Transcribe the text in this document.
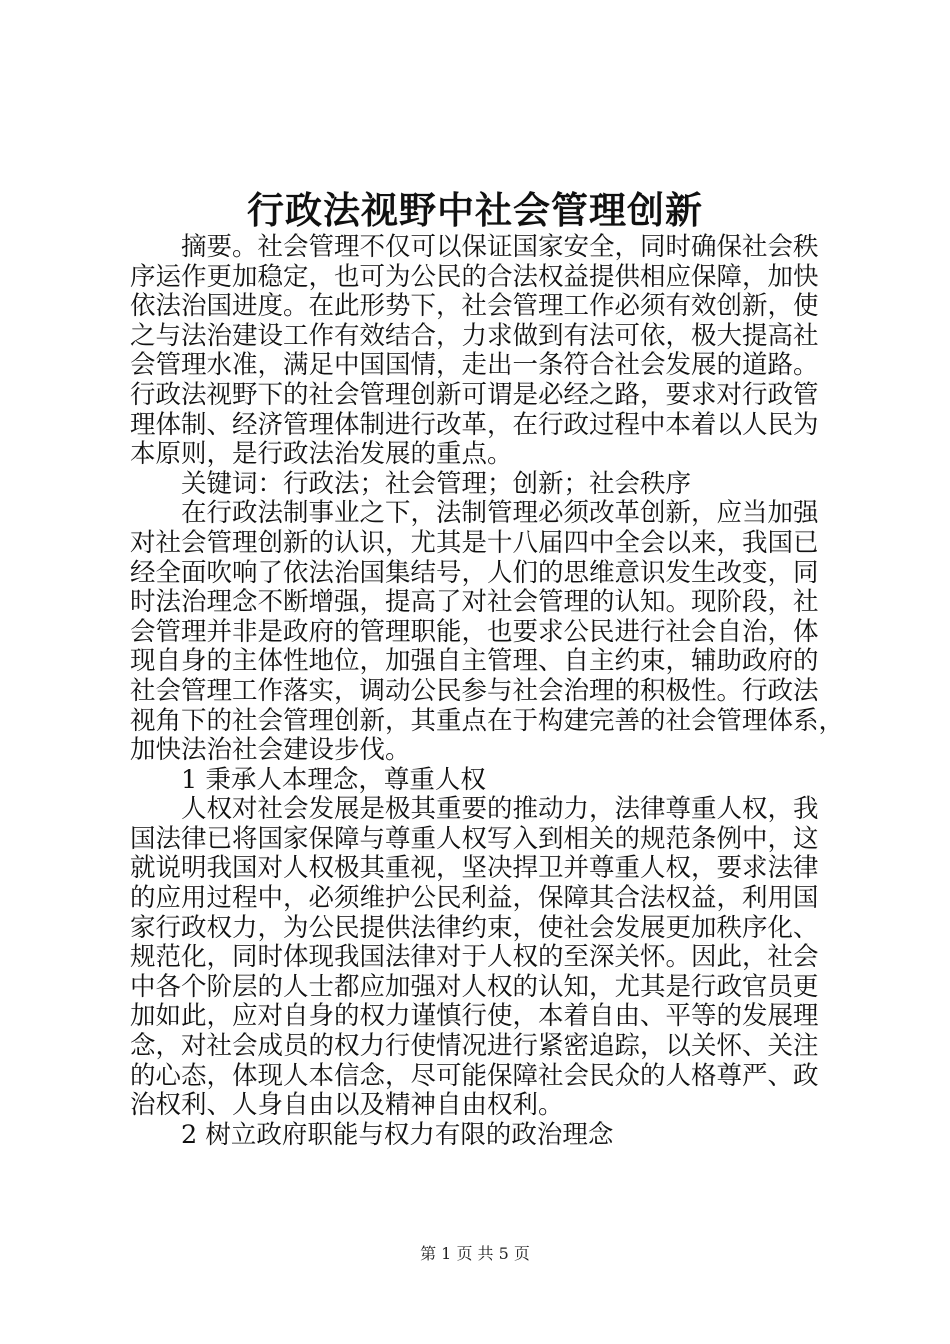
行政法视野中社会管理创新
摘要。社会管理不仅可以保证国家安全，同时确保社会秩
序运作更加稳定，也可为公民的合法权益提供相应保障，加快
依法治国进度。在此形势下，社会管理工作必须有效创新，使
之与法治建设工作有效结合，力求做到有法可依，极大提高社
会管理水准，满足中国国情，走出一条符合社会发展的道路。
行政法视野下的社会管理创新可谓是必经之路，要求对行政管
理体制、经济管理体制进行改革，在行政过程中本着以人民为
本原则，是行政法治发展的重点。
关键词：行政法；社会管理；创新；社会秩序
在行政法制事业之下，法制管理必须改革创新，应当加强
对社会管理创新的认识，尤其是十八届四中全会以来，我国已
经全面吹响了依法治国集结号，人们的思维意识发生改变，同
时法治理念不断增强，提高了对社会管理的认知。现阶段，社
会管理并非是政府的管理职能，也要求公民进行社会自治，体
现自身的主体性地位，加强自主管理、自主约束，辅助政府的
社会管理工作落实，调动公民参与社会治理的积极性。行政法
视角下的社会管理创新，其重点在于构建完善的社会管理体系，
加快法治社会建设步伐。
1 秉承人本理念，尊重人权
人权对社会发展是极其重要的推动力，法律尊重人权，我
国法律已将国家保障与尊重人权写入到相关的规范条例中，这
就说明我国对人权极其重视，坚决捍卫并尊重人权，要求法律
的应用过程中，必须维护公民利益，保障其合法权益，利用国
家行政权力，为公民提供法律约束，使社会发展更加秩序化、
规范化，同时体现我国法律对于人权的至深关怀。因此，社会
中各个阶层的人士都应加强对人权的认知，尤其是行政官员更
加如此，应对自身的权力谨慎行使，本着自由、平等的发展理
念，对社会成员的权力行使情况进行紧密追踪，以关怀、关注
的心态，体现人本信念，尽可能保障社会民众的人格尊严、政
治权利、人身自由以及精神自由权利。
2 树立政府职能与权力有限的政治理念
第 1 页 共 5 页
